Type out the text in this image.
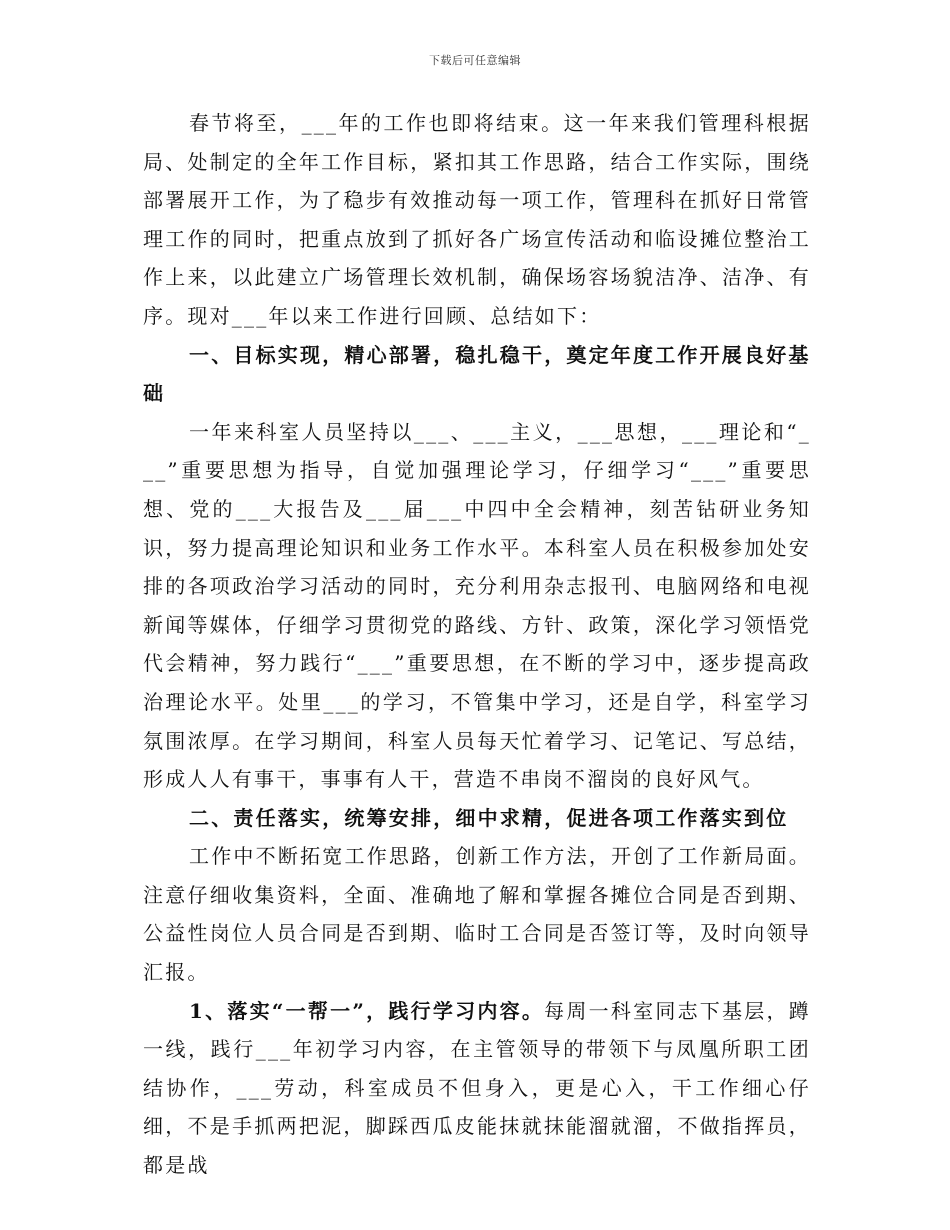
下载后可任意编辑

春节将至，___年的工作也即将结束。这一年来我们管理科根据局、处制定的全年工作目标，紧扣其工作思路，结合工作实际，围绕部署展开工作，为了稳步有效推动每一项工作，管理科在抓好日常管理工作的同时，把重点放到了抓好各广场宣传活动和临设摊位整治工作上来，以此建立广场管理长效机制，确保场容场貌洁净、洁净、有序。现对___年以来工作进行回顾、总结如下：

一、目标实现，精心部署，稳扎稳干，奠定年度工作开展良好基础

一年来科室人员坚持以___、___主义，___思想，___理论和“___”重要思想为指导，自觉加强理论学习，仔细学习“___”重要思想、党的___大报告及___届___中四中全会精神，刻苦钻研业务知识，努力提高理论知识和业务工作水平。本科室人员在积极参加处安排的各项政治学习活动的同时，充分利用杂志报刊、电脑网络和电视新闻等媒体，仔细学习贯彻党的路线、方针、政策，深化学习领悟党代会精神，努力践行“___”重要思想，在不断的学习中，逐步提高政治理论水平。处里___的学习，不管集中学习，还是自学，科室学习氛围浓厚。在学习期间，科室人员每天忙着学习、记笔记、写总结，形成人人有事干，事事有人干，营造不串岗不溜岗的良好风气。

二、责任落实，统筹安排，细中求精，促进各项工作落实到位

工作中不断拓宽工作思路，创新工作方法，开创了工作新局面。注意仔细收集资料，全面、准确地了解和掌握各摊位合同是否到期、公益性岗位人员合同是否到期、临时工合同是否签订等，及时向领导汇报。

1、落实“一帮一”，践行学习内容。每周一科室同志下基层，蹲一线，践行___年初学习内容，在主管领导的带领下与凤凰所职工团结协作，___劳动，科室成员不但身入，更是心入，干工作细心仔细，不是手抓两把泥，脚踩西瓜皮能抹就抹能溜就溜，不做指挥员，都是战
